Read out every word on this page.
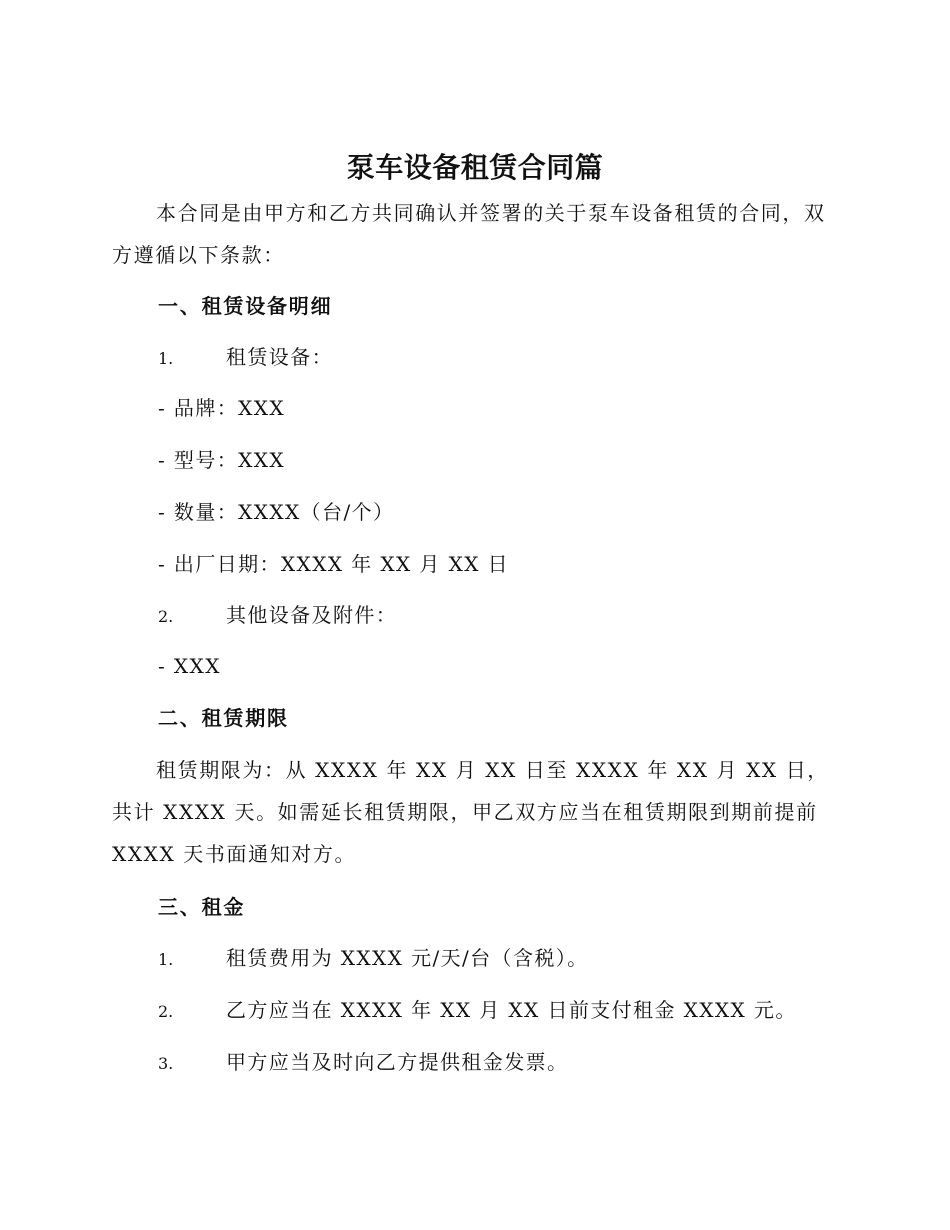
泵车设备租赁合同篇

本合同是由甲方和乙方共同确认并签署的关于泵车设备租赁的合同，双方遵循以下条款：

一、租赁设备明细

1.	租赁设备：

- 品牌：XXX

- 型号：XXX

- 数量：XXXX（台/个）

- 出厂日期：XXXX 年 XX 月 XX 日

2.	其他设备及附件：

- XXX

二、租赁期限

租赁期限为：从 XXXX 年 XX 月 XX 日至 XXXX 年 XX 月 XX 日，共计 XXXX 天。如需延长租赁期限，甲乙双方应当在租赁期限到期前提前 XXXX 天书面通知对方。

三、租金

1.	租赁费用为 XXXX 元/天/台（含税）。

2.	乙方应当在 XXXX 年 XX 月 XX 日前支付租金 XXXX 元。

3.	甲方应当及时向乙方提供租金发票。
